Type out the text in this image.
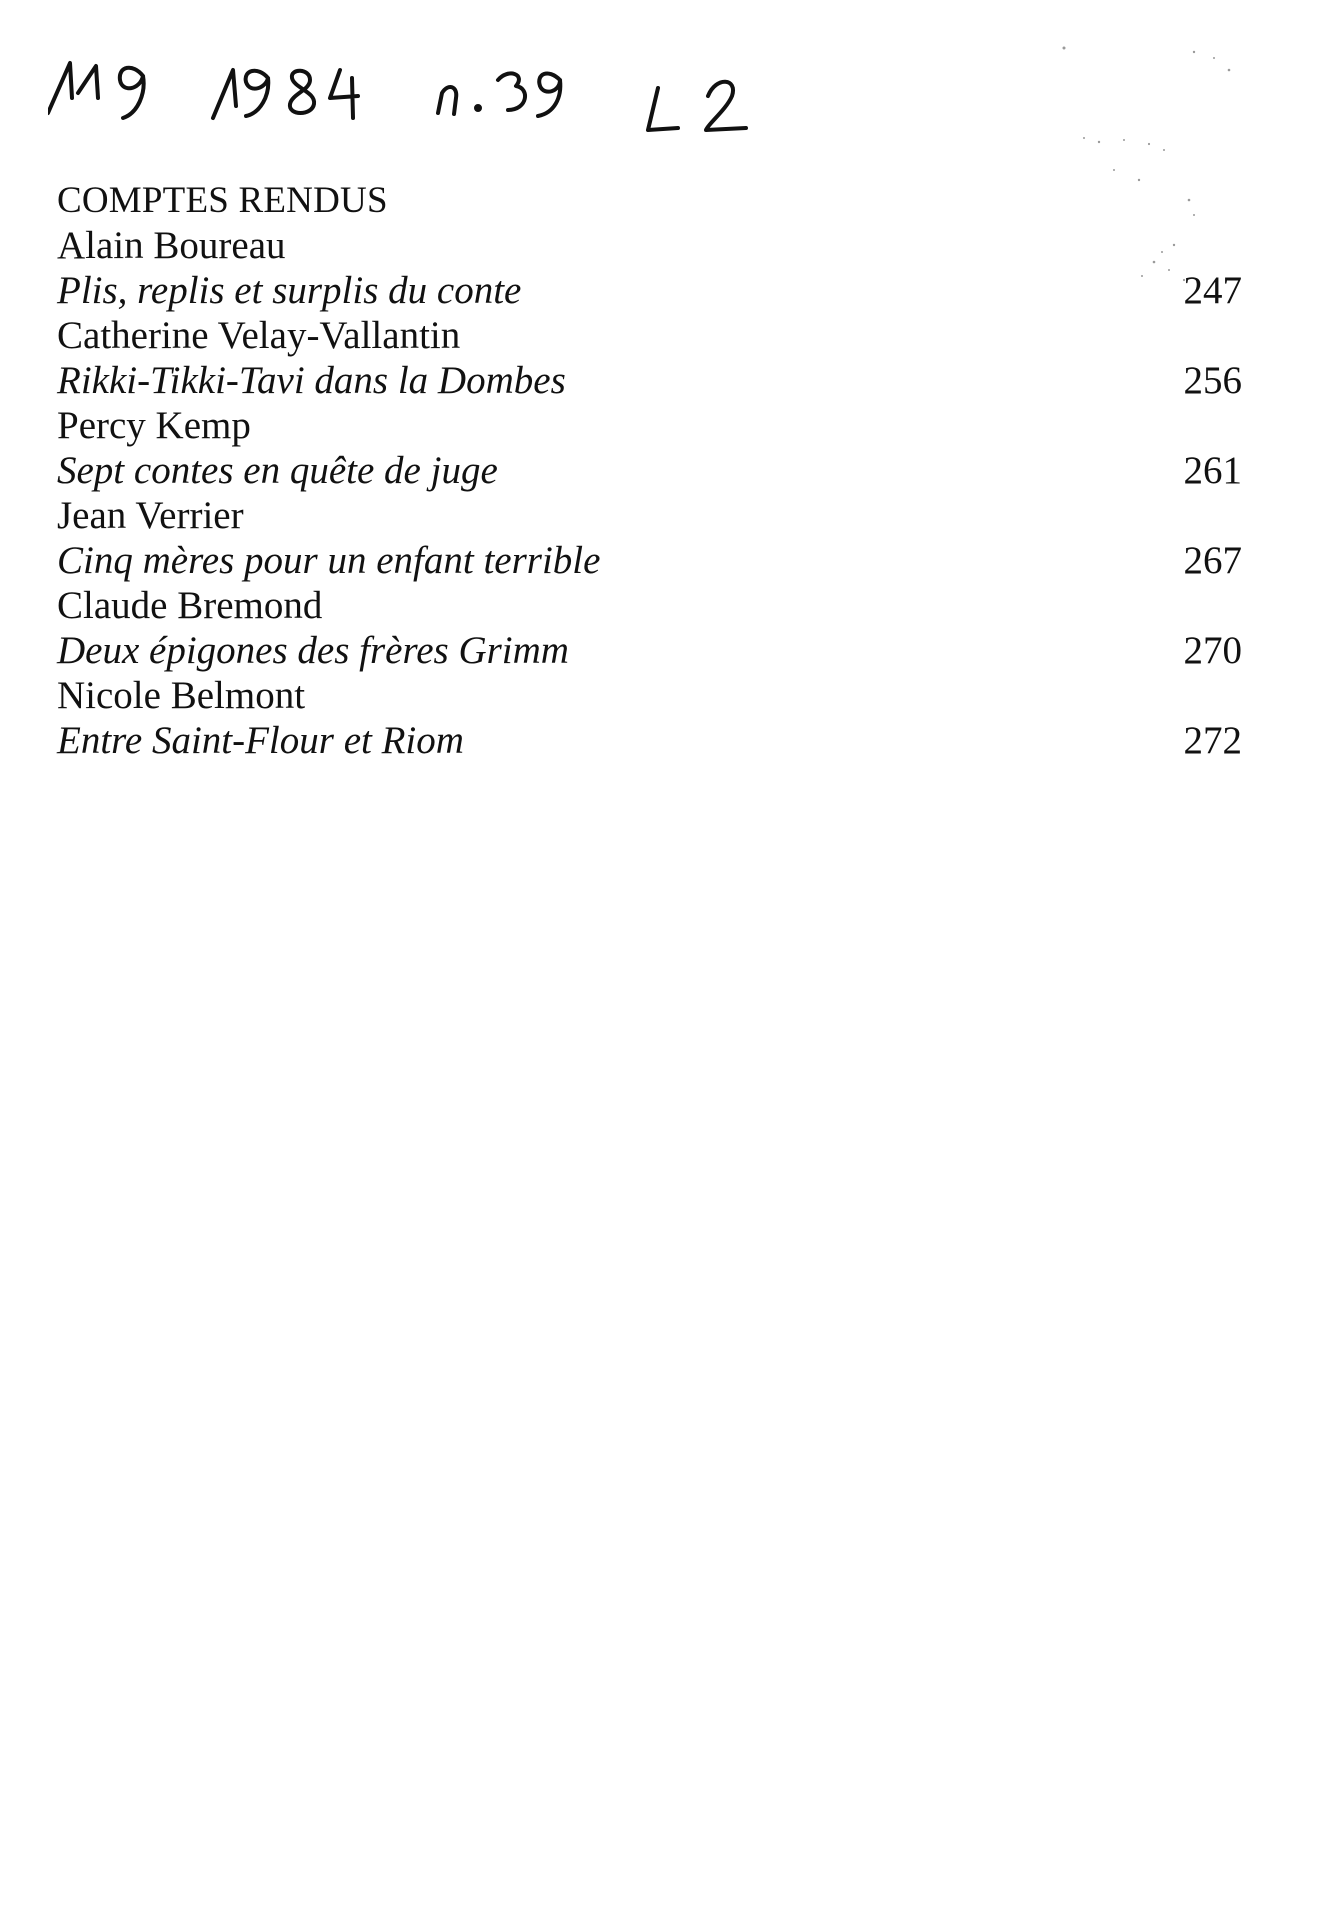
COMPTES RENDUS
Alain Boureau
Plis, replis et surplis du conte	247
Catherine Velay-Vallantin
Rikki-Tikki-Tavi dans la Dombes	256
Percy Kemp
Sept contes en quête de juge	261
Jean Verrier
Cinq mères pour un enfant terrible	267
Claude Bremond
Deux épigones des frères Grimm	270
Nicole Belmont
Entre Saint-Flour et Riom	272
